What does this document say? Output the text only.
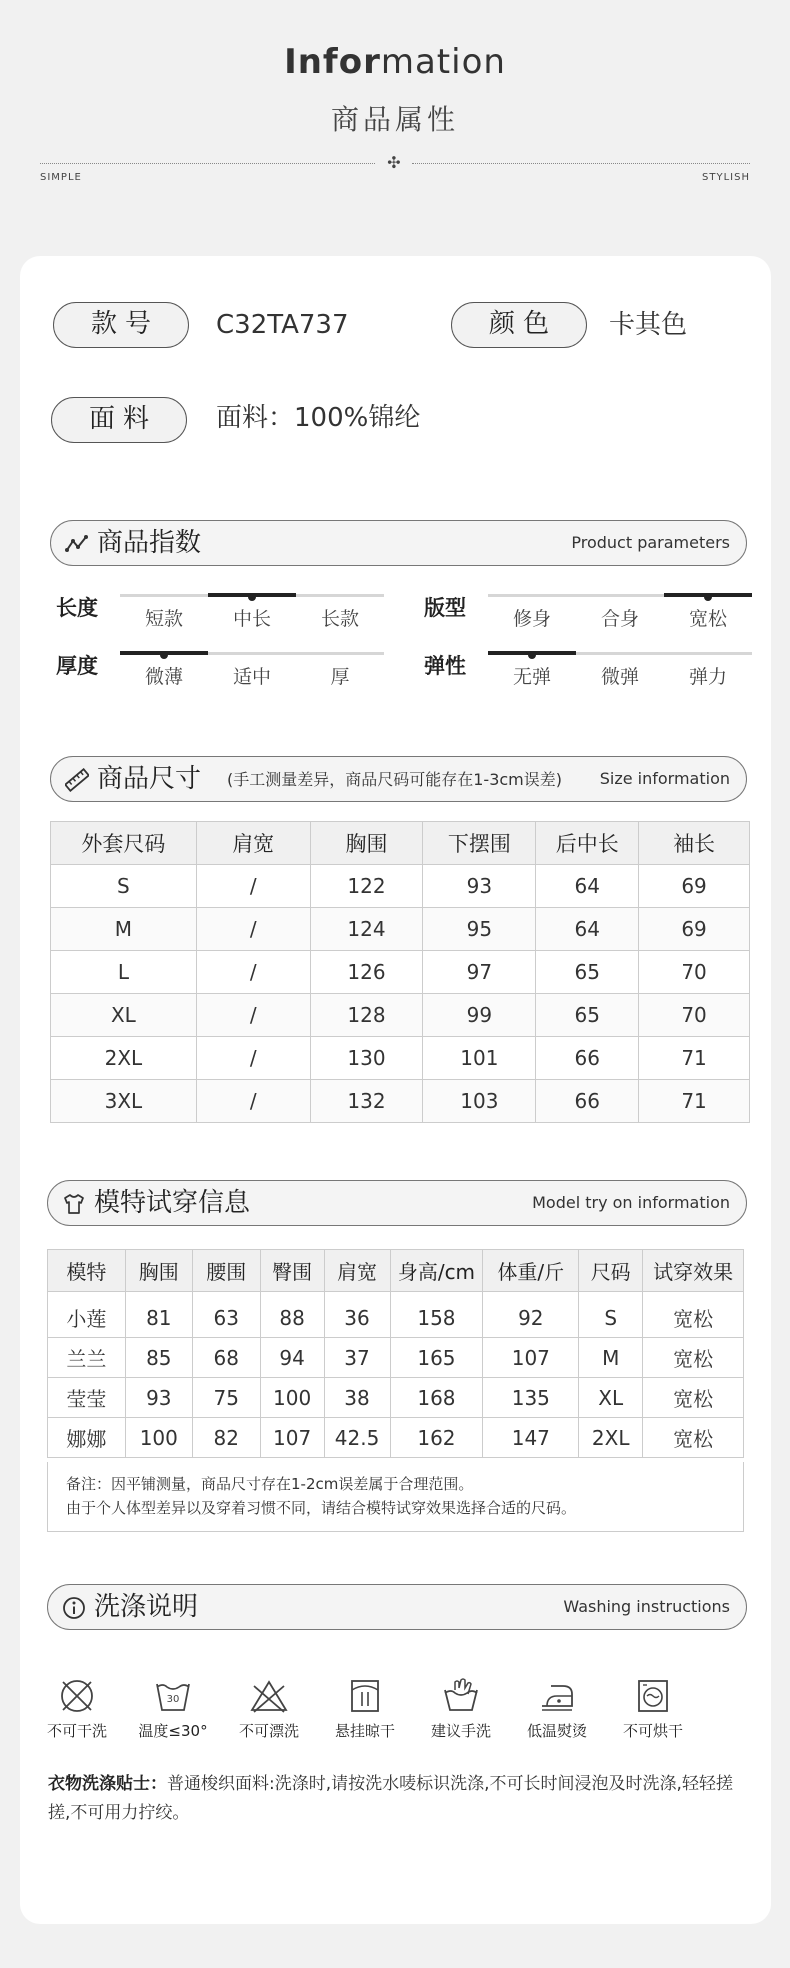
Information
商品属性
✣
SIMPLE	STYLISH
款号	C32TA737	颜色	卡其色
面料	面料：100%锦纶
商品指数	Product parameters
长度	短款	中长	长款	版型	修身	合身	宽松
厚度	微薄	适中	厚	弹性	无弹	微弹	弹力
商品尺寸 (手工测量差异，商品尺码可能存在1-3cm误差) Size information
外套尺码	肩宽	胸围	下摆围	后中长	袖长
S	/	122	93	64	69
M	/	124	95	64	69
L	/	126	97	65	70
XL	/	128	99	65	70
2XL	/	130	101	66	71
3XL	/	132	103	66	71
模特试穿信息	Model try on information
模特	胸围	腰围	臀围	肩宽	身高/cm	体重/斤	尺码	试穿效果
小莲	81	63	88	36	158	92	S	宽松
兰兰	85	68	94	37	165	107	M	宽松
莹莹	93	75	100	38	168	135	XL	宽松
娜娜	100	82	107	42.5	162	147	2XL	宽松
备注：因平铺测量，商品尺寸存在1-2cm误差属于合理范围。
由于个人体型差异以及穿着习惯不同，请结合模特试穿效果选择合适的尺码。
洗涤说明	Washing instructions
不可干洗
30
温度≤30°	不可漂洗	悬挂晾干	建议手洗	低温熨烫	不可烘干
衣物洗涤贴士：普通梭织面料:洗涤时,请按洗水唛标识洗涤,不可长时间浸泡及时洗涤,轻轻搓搓,不可用力拧绞。
